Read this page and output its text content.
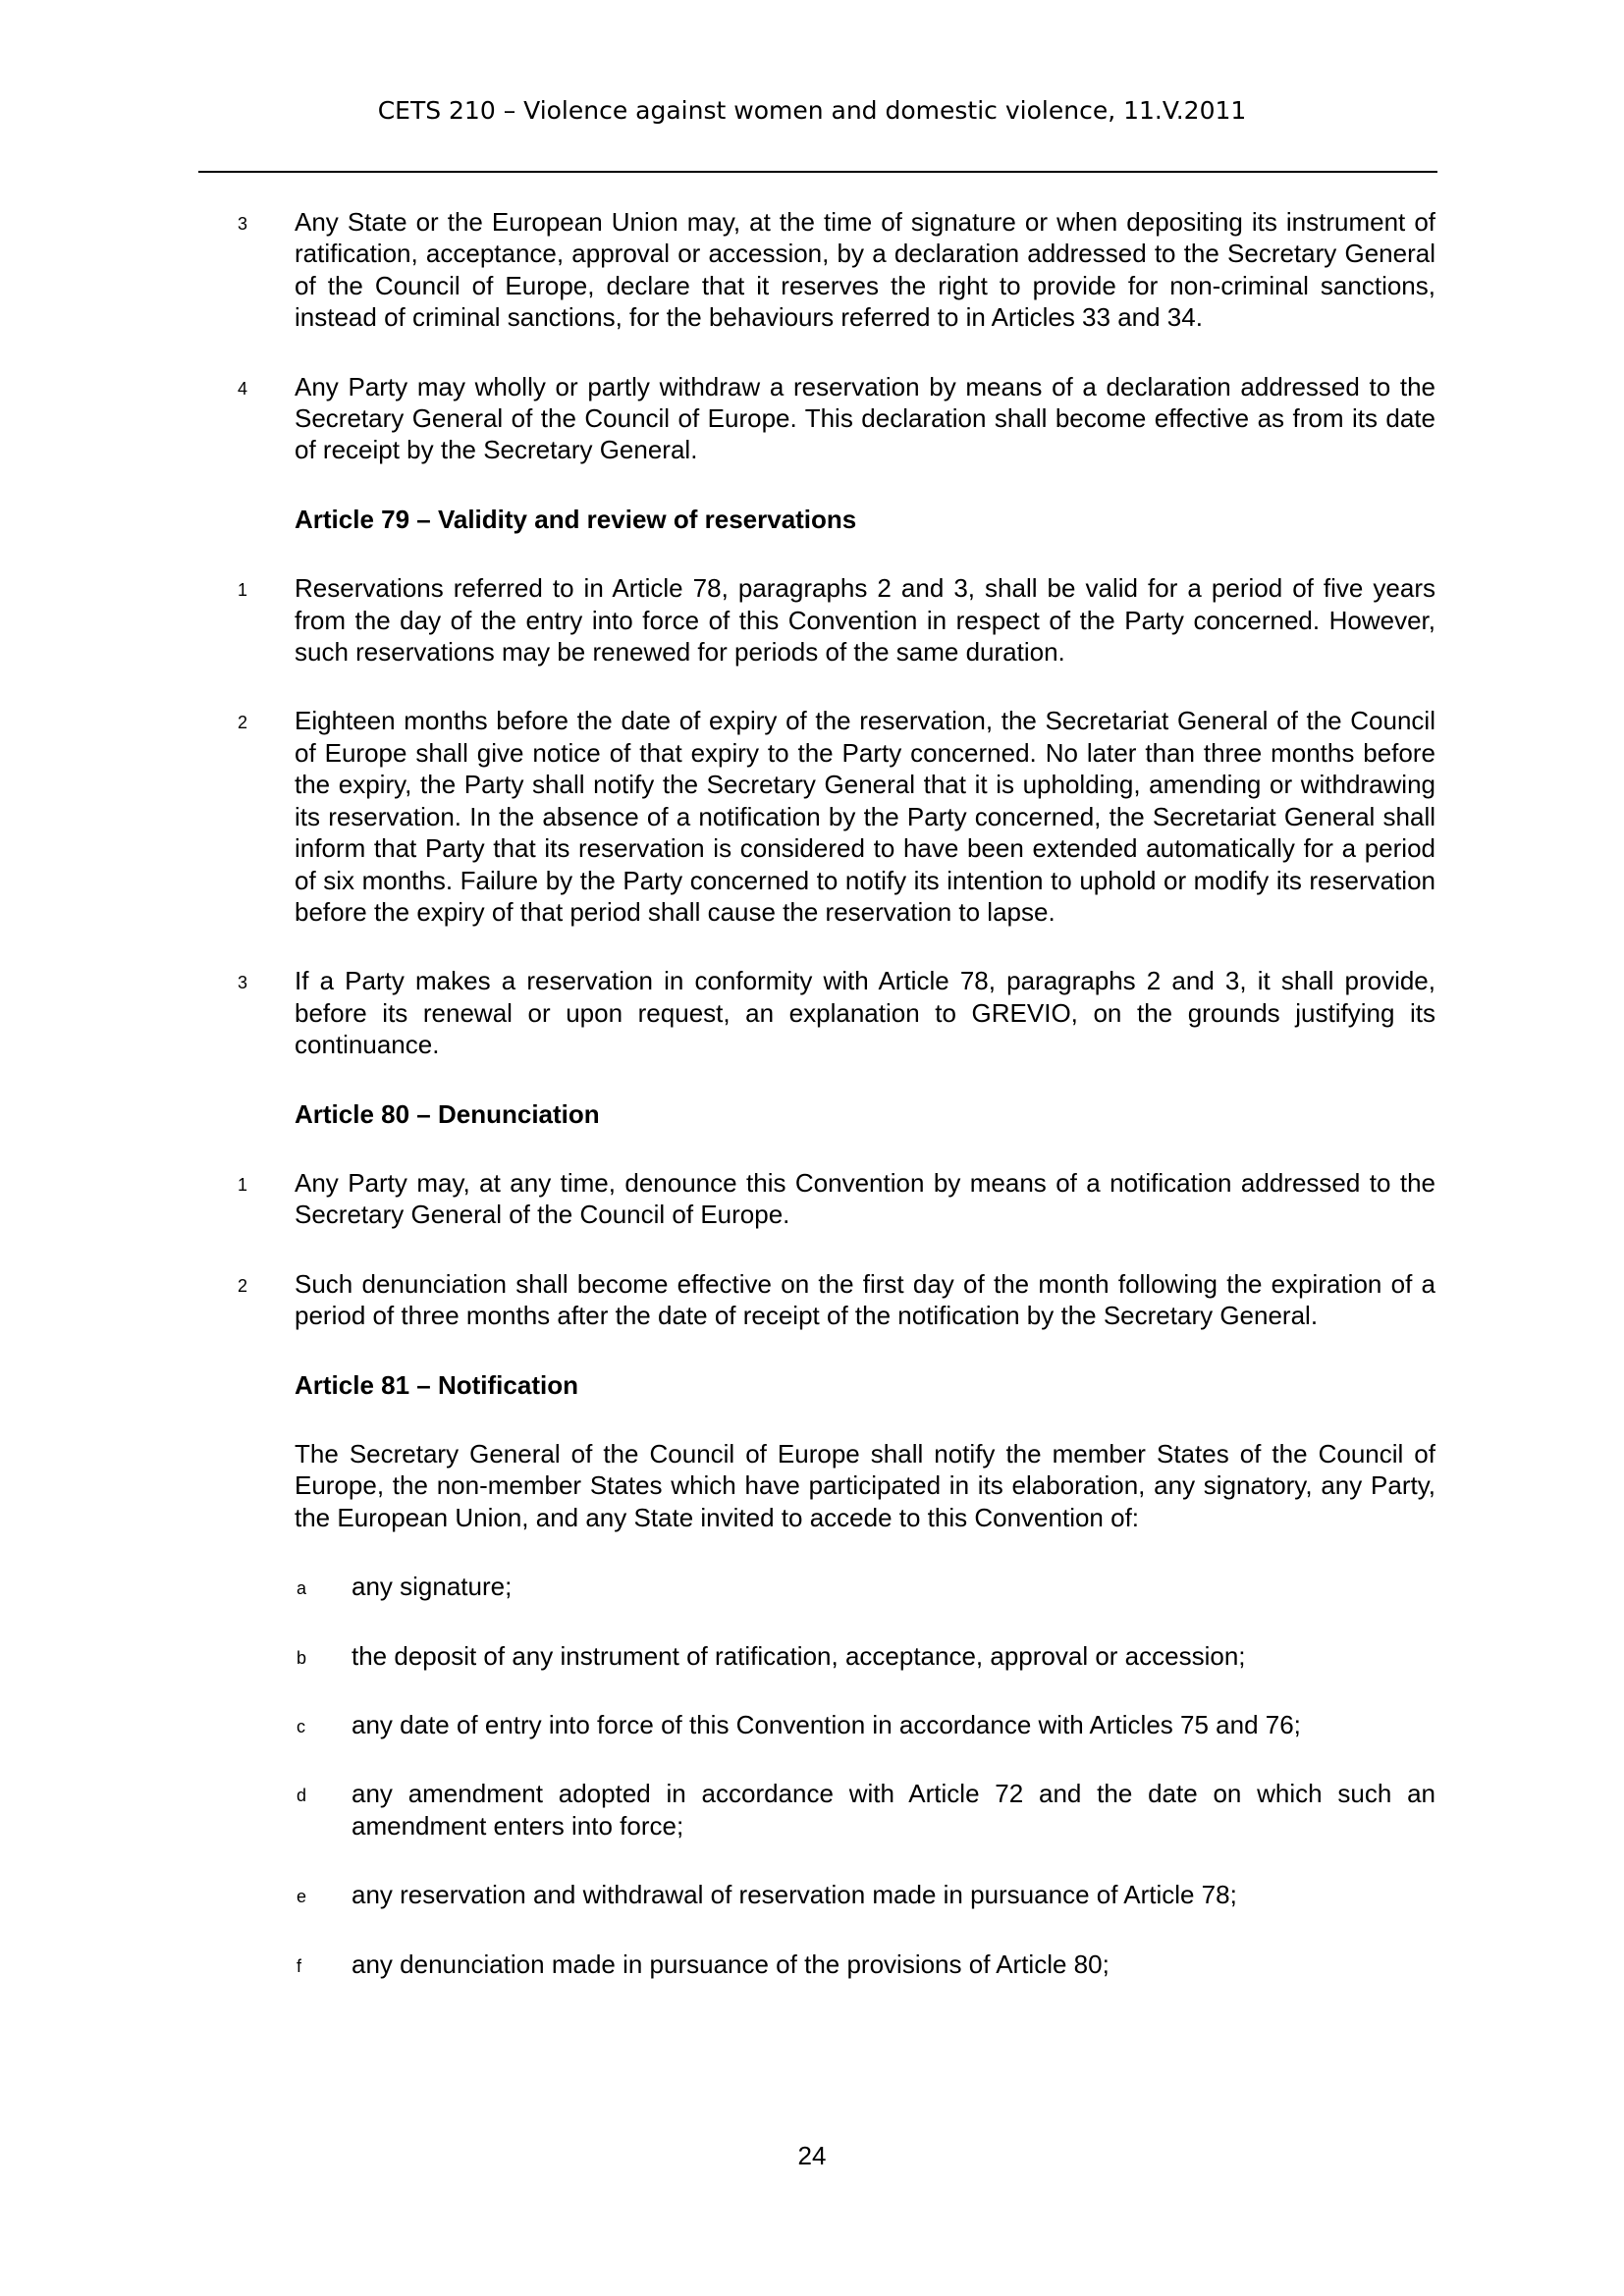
CETS 210 – Violence against women and domestic violence, 11.V.2011
3 Any State or the European Union may, at the time of signature or when depositing its instrument of ratification, acceptance, approval or accession, by a declaration addressed to the Secretary General of the Council of Europe, declare that it reserves the right to provide for non-criminal sanctions, instead of criminal sanctions, for the behaviours referred to in Articles 33 and 34.
4 Any Party may wholly or partly withdraw a reservation by means of a declaration addressed to the Secretary General of the Council of Europe. This declaration shall become effective as from its date of receipt by the Secretary General.
Article 79 – Validity and review of reservations
1 Reservations referred to in Article 78, paragraphs 2 and 3, shall be valid for a period of five years from the day of the entry into force of this Convention in respect of the Party concerned. However, such reservations may be renewed for periods of the same duration.
2 Eighteen months before the date of expiry of the reservation, the Secretariat General of the Council of Europe shall give notice of that expiry to the Party concerned. No later than three months before the expiry, the Party shall notify the Secretary General that it is upholding, amending or withdrawing its reservation. In the absence of a notification by the Party concerned, the Secretariat General shall inform that Party that its reservation is considered to have been extended automatically for a period of six months. Failure by the Party concerned to notify its intention to uphold or modify its reservation before the expiry of that period shall cause the reservation to lapse.
3 If a Party makes a reservation in conformity with Article 78, paragraphs 2 and 3, it shall provide, before its renewal or upon request, an explanation to GREVIO, on the grounds justifying its continuance.
Article 80 – Denunciation
1 Any Party may, at any time, denounce this Convention by means of a notification addressed to the Secretary General of the Council of Europe.
2 Such denunciation shall become effective on the first day of the month following the expiration of a period of three months after the date of receipt of the notification by the Secretary General.
Article 81 – Notification
The Secretary General of the Council of Europe shall notify the member States of the Council of Europe, the non-member States which have participated in its elaboration, any signatory, any Party, the European Union, and any State invited to accede to this Convention of:
a any signature;
b the deposit of any instrument of ratification, acceptance, approval or accession;
c any date of entry into force of this Convention in accordance with Articles 75 and 76;
d any amendment adopted in accordance with Article 72 and the date on which such an amendment enters into force;
e any reservation and withdrawal of reservation made in pursuance of Article 78;
f any denunciation made in pursuance of the provisions of Article 80;
24
